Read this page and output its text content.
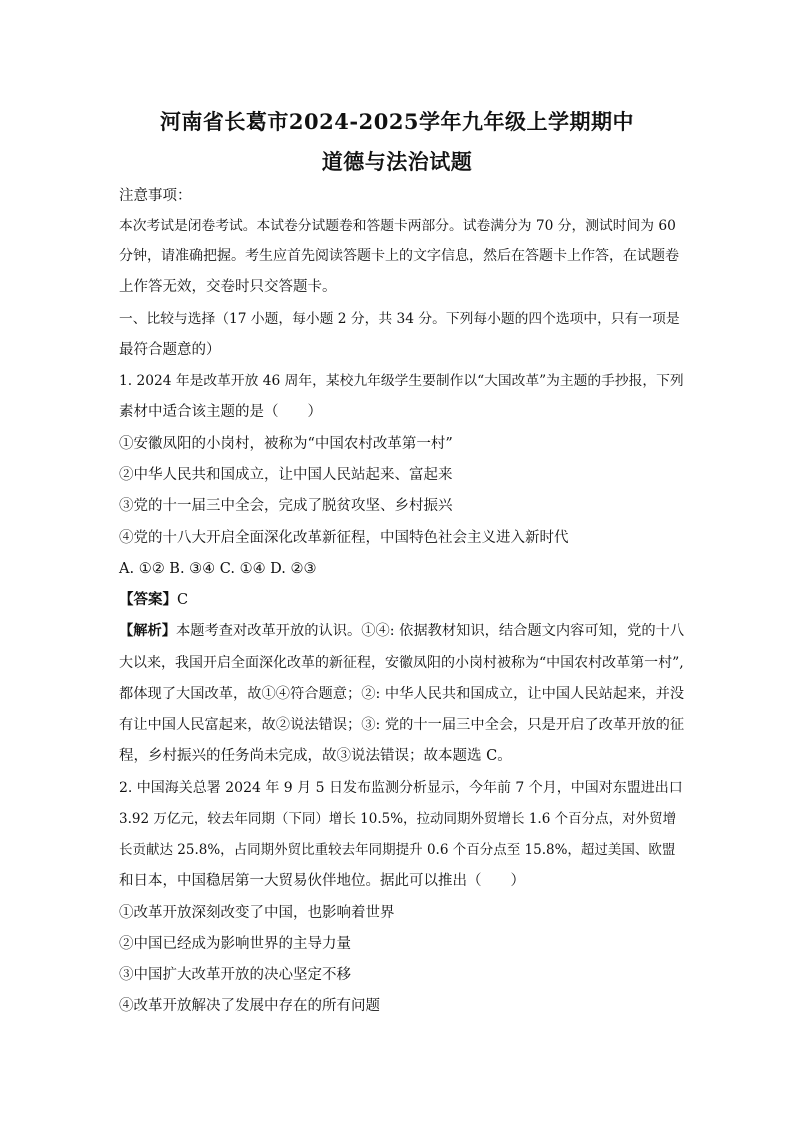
河南省长葛市2024-2025学年九年级上学期期中
道德与法治试题
注意事项：
本次考试是闭卷考试。本试卷分试题卷和答题卡两部分。试卷满分为 70 分，测试时间为 60
分钟，请准确把握。考生应首先阅读答题卡上的文字信息，然后在答题卡上作答，在试题卷
上作答无效，交卷时只交答题卡。
一、比较与选择（17 小题，每小题 2 分，共 34 分。下列每小题的四个选项中，只有一项是
最符合题意的）
1. 2024 年是改革开放 46 周年，某校九年级学生要制作以“大国改革”为主题的手抄报，下列
素材中适合该主题的是（　　）
①安徽凤阳的小岗村，被称为“中国农村改革第一村”
②中华人民共和国成立，让中国人民站起来、富起来
③党的十一届三中全会，完成了脱贫攻坚、乡村振兴
④党的十八大开启全面深化改革新征程，中国特色社会主义进入新时代
A. ①② B. ③④ C. ①④ D. ②③
【答案】C
【解析】本题考查对改革开放的认识。①④: 依据教材知识，结合题文内容可知，党的十八
大以来，我国开启全面深化改革的新征程，安徽凤阳的小岗村被称为“中国农村改革第一村”,
都体现了大国改革，故①④符合题意；②: 中华人民共和国成立，让中国人民站起来，并没
有让中国人民富起来，故②说法错误；③: 党的十一届三中全会，只是开启了改革开放的征
程，乡村振兴的任务尚未完成，故③说法错误；故本题选 C。
2. 中国海关总署 2024 年 9 月 5 日发布监测分析显示，今年前 7 个月，中国对东盟进出口
3.92 万亿元，较去年同期（下同）增长 10.5%，拉动同期外贸增长 1.6 个百分点，对外贸增
长贡献达 25.8%，占同期外贸比重较去年同期提升 0.6 个百分点至 15.8%，超过美国、欧盟
和日本，中国稳居第一大贸易伙伴地位。据此可以推出（　　）
①改革开放深刻改变了中国，也影响着世界
②中国已经成为影响世界的主导力量
③中国扩大改革开放的决心坚定不移
④改革开放解决了发展中存在的所有问题
